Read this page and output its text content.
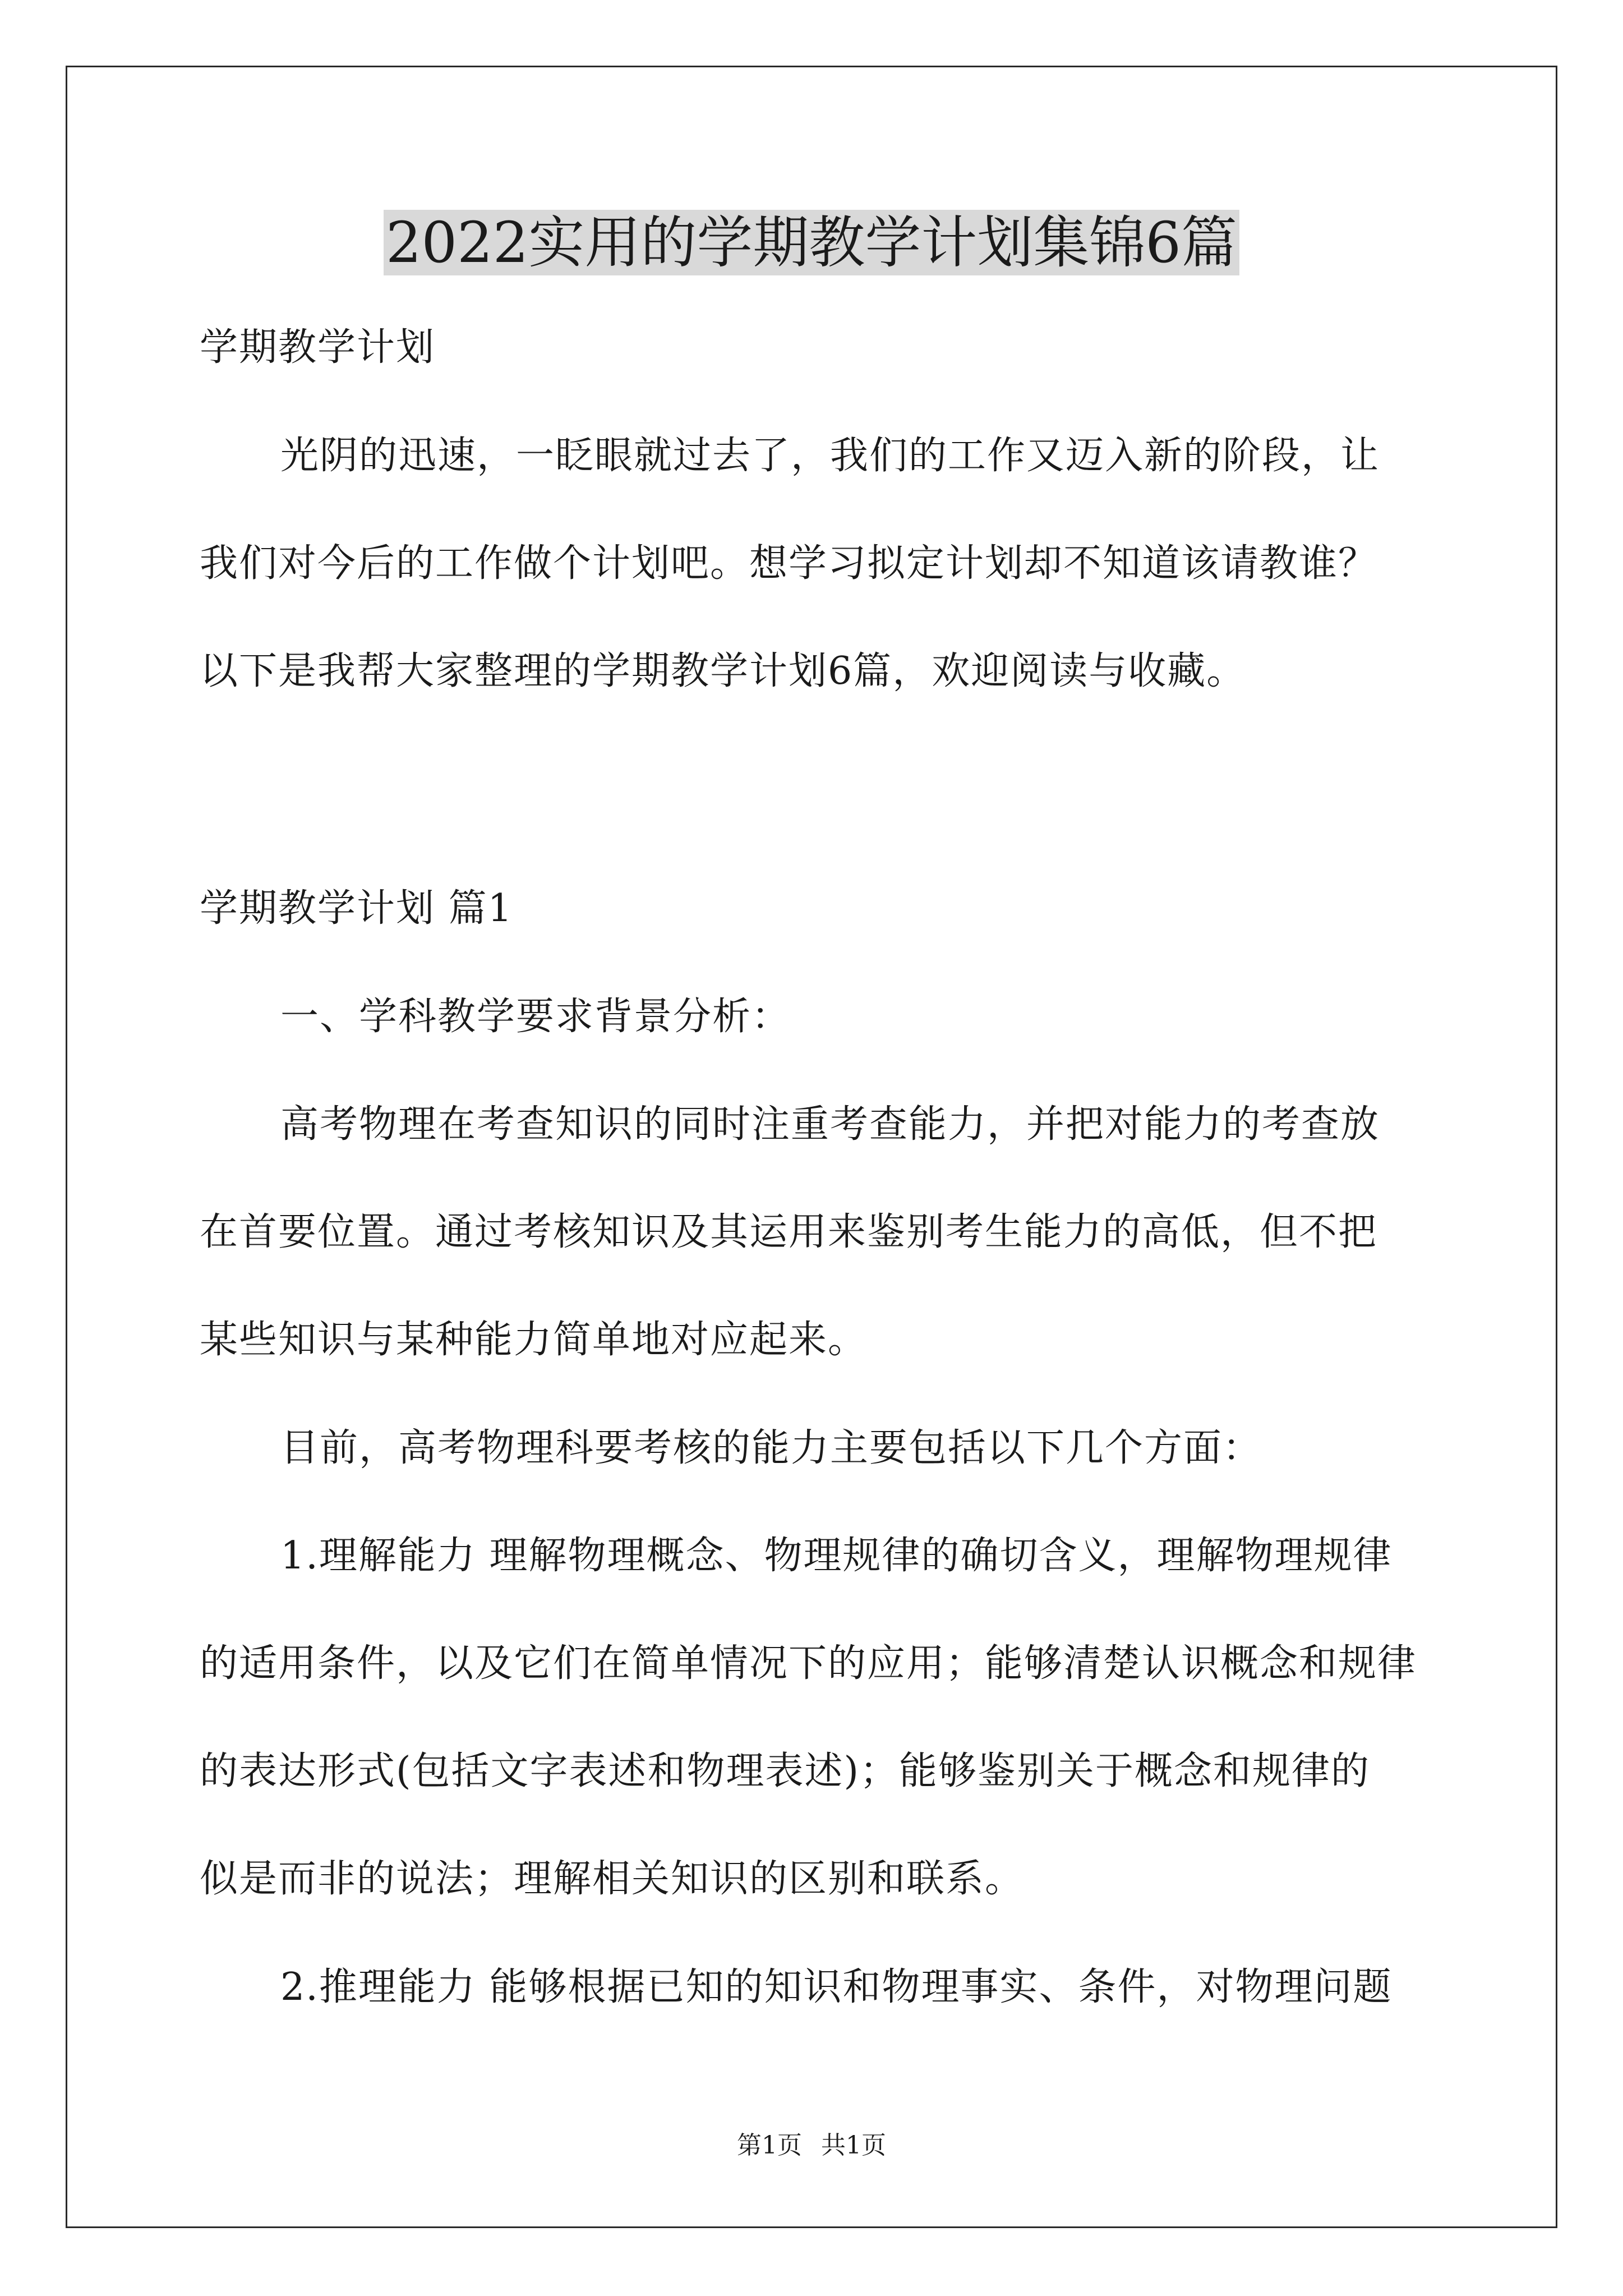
2022实用的学期教学计划集锦6篇
学期教学计划
光阴的迅速，一眨眼就过去了，我们的工作又迈入新的阶段，让
我们对今后的工作做个计划吧。想学习拟定计划却不知道该请教谁？
以下是我帮大家整理的学期教学计划6篇，欢迎阅读与收藏。
学期教学计划 篇1
一、学科教学要求背景分析：
高考物理在考查知识的同时注重考查能力，并把对能力的考查放
在首要位置。通过考核知识及其运用来鉴别考生能力的高低，但不把
某些知识与某种能力简单地对应起来。
目前，高考物理科要考核的能力主要包括以下几个方面：
1.理解能力 理解物理概念、物理规律的确切含义，理解物理规律
的适用条件，以及它们在简单情况下的应用；能够清楚认识概念和规律
的表达形式(包括文字表述和物理表述)；能够鉴别关于概念和规律的
似是而非的说法；理解相关知识的区别和联系。
2.推理能力 能够根据已知的知识和物理事实、条件，对物理问题
第1页 共1页
